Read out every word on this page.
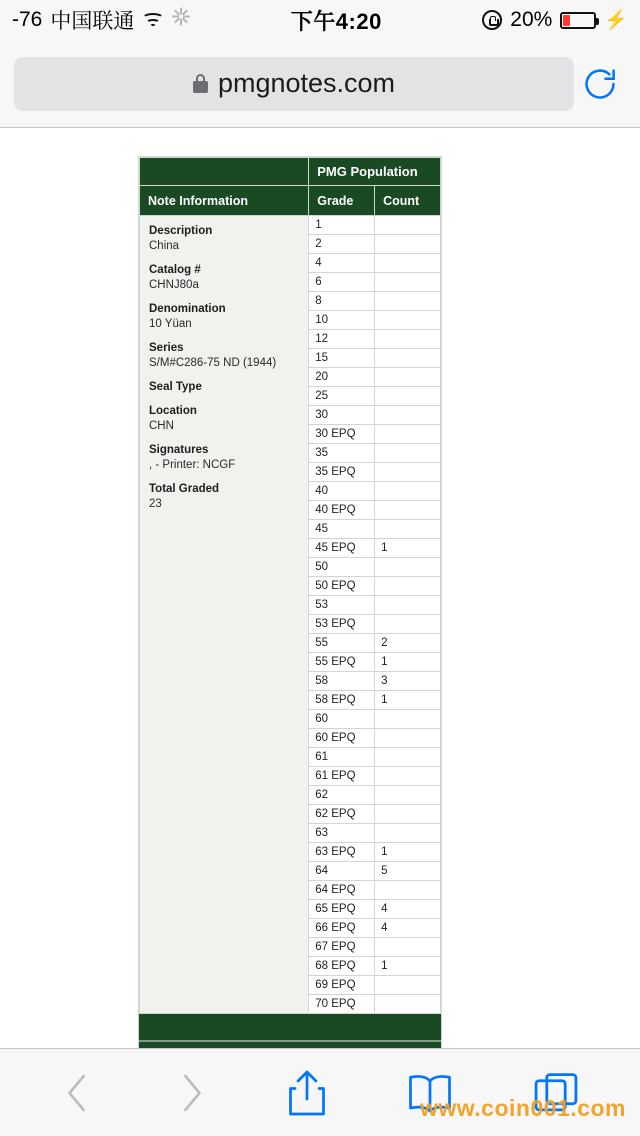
-76 中国联通	下午4:20	20%	⚡
pmgnotes.com
	PMG Population	
Note Information	Grade	Count

Description
China
Catalog #
CHNJ80a
Denomination
10 Yüan
Series
S/M#C286-75 ND (1944)
Seal Type
Location
CHN
Signatures
, - Printer: NCGF
Total Graded
23
	1	
	2	
	4	
	6	
	8	
	10	
	12	
	15	
	20	
	25	
	30	
	30 EPQ	
	35	
	35 EPQ	
	40	
	40 EPQ	
	45	
	45 EPQ	1
	50	
	50 EPQ	
	53	
	53 EPQ	
	55	2
	55 EPQ	1
	58	3
	58 EPQ	1
	60	
	60 EPQ	
	61	
	61 EPQ	
	62	
	62 EPQ	
	63	
	63 EPQ	1
	64	5
	64 EPQ	
	65 EPQ	4
	66 EPQ	4
	67 EPQ	
	68 EPQ	1
	69 EPQ	
	70 EPQ	
www.coin001.com
